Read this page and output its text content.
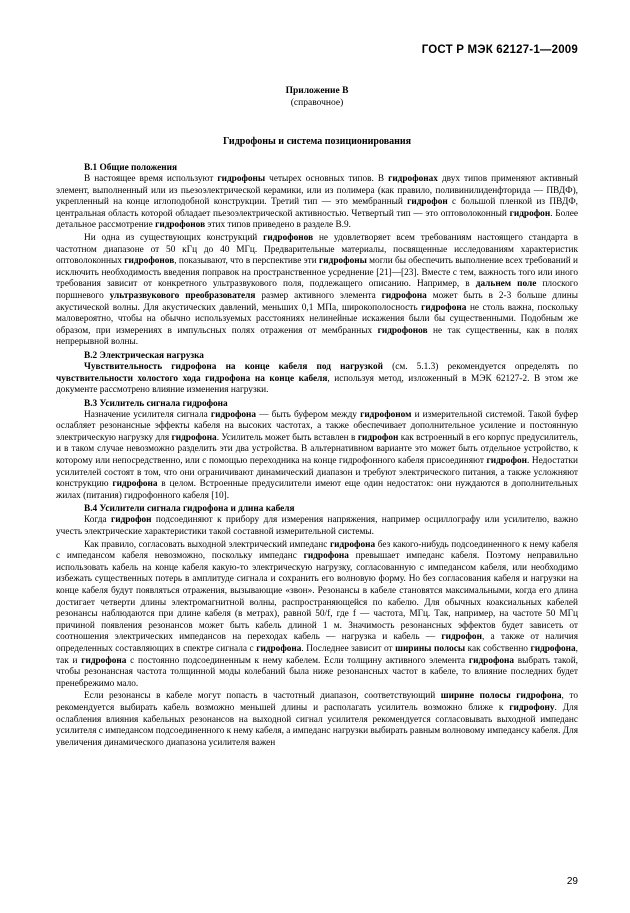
ГОСТ Р МЭК 62127-1—2009
Приложение В
(справочное)
Гидрофоны и система позиционирования
В.1 Общие положения

В настоящее время используют гидрофоны четырех основных типов. В гидрофонах двух типов применяют активный элемент, выполненный или из пьезоэлектрической керамики, или из полимера (как правило, поливинилиденфторида — ПВДФ), укрепленный на конце иглоподобной конструкции. Третий тип — это мембранный гидрофон с большой пленкой из ПВДФ, центральная область которой обладает пьезоэлектрической активностью. Четвертый тип — это оптоволоконный гидрофон. Более детальное рассмотрение гидрофонов этих типов приведено в разделе В.9.

Ни одна из существующих конструкций гидрофонов не удовлетворяет всем требованиям настоящего стандарта в частотном диапазоне от 50 кГц до 40 МГц. Предварительные материалы, посвященные исследованиям характеристик оптоволоконных гидрофонов, показывают, что в перспективе эти гидрофоны могли бы обеспечить выполнение всех требований и исключить необходимость введения поправок на пространственное усреднение [21]—[23]. Вместе с тем, важность того или иного требования зависит от конкретного ультразвукового поля, подлежащего описанию. Например, в дальнем поле плоского поршневого ультразвукового преобразователя размер активного элемента гидрофона может быть в 2-3 больше длины акустической волны. Для акустических давлений, меньших 0,1 МПа, широкополосность гидрофона не столь важна, поскольку маловероятно, чтобы на обычно используемых расстояниях нелинейные искажения были бы существенными. Подобным же образом, при измерениях в импульсных полях отражения от мембранных гидрофонов не так существенны, как в полях непрерывной волны.

В.2 Электрическая нагрузка

Чувствительность гидрофона на конце кабеля под нагрузкой (см. 5.1.3) рекомендуется определять по чувствительности холостого хода гидрофона на конце кабеля, используя метод, изложенный в МЭК 62127-2. В этом же документе рассмотрено влияние изменения нагрузки.

В.3 Усилитель сигнала гидрофона

Назначение усилителя сигнала гидрофона — быть буфером между гидрофоном и измерительной системой. Такой буфер ослабляет резонансные эффекты кабеля на высоких частотах, а также обеспечивает дополнительное усиление и постоянную электрическую нагрузку для гидрофона. Усилитель может быть вставлен в гидрофон как встроенный в его корпус предусилитель, и в таком случае невозможно разделить эти два устройства. В альтернативном варианте это может быть отдельное устройство, к которому или непосредственно, или с помощью переходника на конце гидрофонного кабеля присоединяют гидрофон. Недостатки усилителей состоят в том, что они ограничивают динамический диапазон и требуют электрического питания, а также усложняют конструкцию гидрофона в целом. Встроенные предусилители имеют еще один недостаток: они нуждаются в дополнительных жилах (питания) гидрофонного кабеля [10].

В.4 Усилители сигнала гидрофона и длина кабеля

Когда гидрофон подсоединяют к прибору для измерения напряжения, например осциллографу или усилителю, важно учесть электрические характеристики такой составной измерительной системы.

Как правило, согласовать выходной электрический импеданс гидрофона без какого-нибудь подсоединенного к нему кабеля с импедансом кабеля невозможно, поскольку импеданс гидрофона превышает импеданс кабеля. Поэтому неправильно использовать кабель на конце кабеля какую-то электрическую нагрузку, согласованную с импедансом кабеля, или необходимо избежать существенных потерь в амплитуде сигнала и сохранить его волновую форму. Но без согласования кабеля и нагрузки на конце кабеля будут появляться отражения, вызывающие «звон». Резонансы в кабеле становятся максимальными, когда его длина достигает четверти длины электромагнитной волны, распространяющейся по кабелю. Для обычных коаксиальных кабелей резонансы наблюдаются при длине кабеля (в метрах), равной 50/f, где f — частота, МГц. Так, например, на частоте 50 МГц причиной появления резонансов может быть кабель длиной 1 м. Значимость резонансных эффектов будет зависеть от соотношения электрических импедансов на переходах кабель — нагрузка и кабель — гидрофон, а также от наличия определенных составляющих в спектре сигнала с гидрофона. Последнее зависит от ширины полосы как собственно гидрофона, так и гидрофона с постоянно подсоединенным к нему кабелем. Если толщину активного элемента гидрофона выбрать такой, чтобы резонансная частота толщинной моды колебаний была ниже резонансных частот в кабеле, то влияние последних будет пренебрежимо мало.

Если резонансы в кабеле могут попасть в частотный диапазон, соответствующий ширине полосы гидрофона, то рекомендуется выбирать кабель возможно меньшей длины и располагать усилитель возможно ближе к гидрофону. Для ослабления влияния кабельных резонансов на выходной сигнал усилителя рекомендуется согласовывать выходной импеданс усилителя с импедансом подсоединенного к нему кабеля, а импеданс нагрузки выбирать равным волновому импедансу кабеля. Для увеличения динамического диапазона усилителя важен

29
